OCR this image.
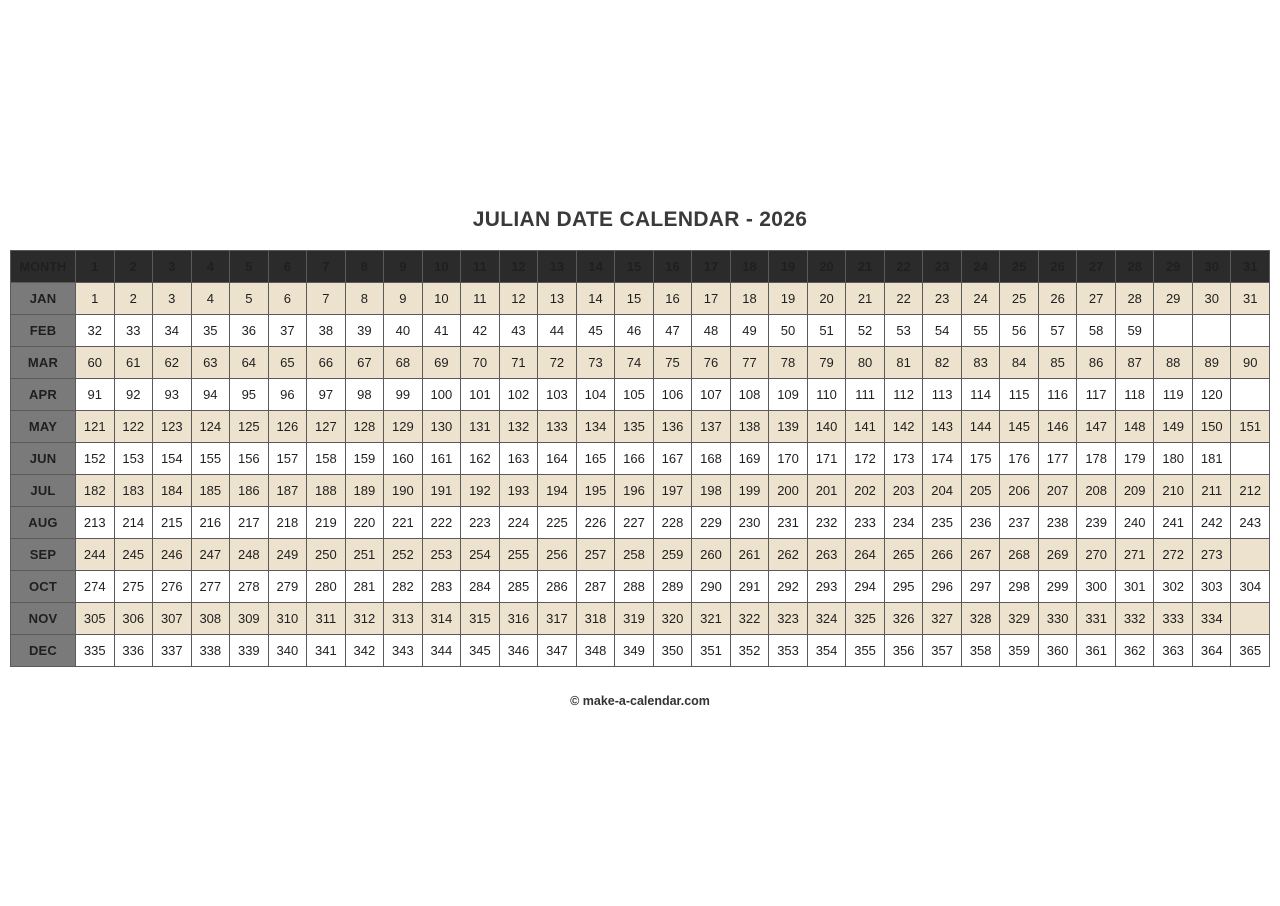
JULIAN DATE CALENDAR - 2026
MONTH	1	2	3	4	5	6	7	8	9	10	11	12	13	14	15	16	17	18	19	20	21	22	23	24	25	26	27	28	29	30	31
JAN	1	2	3	4	5	6	7	8	9	10	11	12	13	14	15	16	17	18	19	20	21	22	23	24	25	26	27	28	29	30	31
FEB	32	33	34	35	36	37	38	39	40	41	42	43	44	45	46	47	48	49	50	51	52	53	54	55	56	57	58	59			
MAR	60	61	62	63	64	65	66	67	68	69	70	71	72	73	74	75	76	77	78	79	80	81	82	83	84	85	86	87	88	89	90
APR	91	92	93	94	95	96	97	98	99	100	101	102	103	104	105	106	107	108	109	110	111	112	113	114	115	116	117	118	119	120	
MAY	121	122	123	124	125	126	127	128	129	130	131	132	133	134	135	136	137	138	139	140	141	142	143	144	145	146	147	148	149	150	151
JUN	152	153	154	155	156	157	158	159	160	161	162	163	164	165	166	167	168	169	170	171	172	173	174	175	176	177	178	179	180	181	
JUL	182	183	184	185	186	187	188	189	190	191	192	193	194	195	196	197	198	199	200	201	202	203	204	205	206	207	208	209	210	211	212
AUG	213	214	215	216	217	218	219	220	221	222	223	224	225	226	227	228	229	230	231	232	233	234	235	236	237	238	239	240	241	242	243
SEP	244	245	246	247	248	249	250	251	252	253	254	255	256	257	258	259	260	261	262	263	264	265	266	267	268	269	270	271	272	273	
OCT	274	275	276	277	278	279	280	281	282	283	284	285	286	287	288	289	290	291	292	293	294	295	296	297	298	299	300	301	302	303	304
NOV	305	306	307	308	309	310	311	312	313	314	315	316	317	318	319	320	321	322	323	324	325	326	327	328	329	330	331	332	333	334	
DEC	335	336	337	338	339	340	341	342	343	344	345	346	347	348	349	350	351	352	353	354	355	356	357	358	359	360	361	362	363	364	365
© make-a-calendar.com
